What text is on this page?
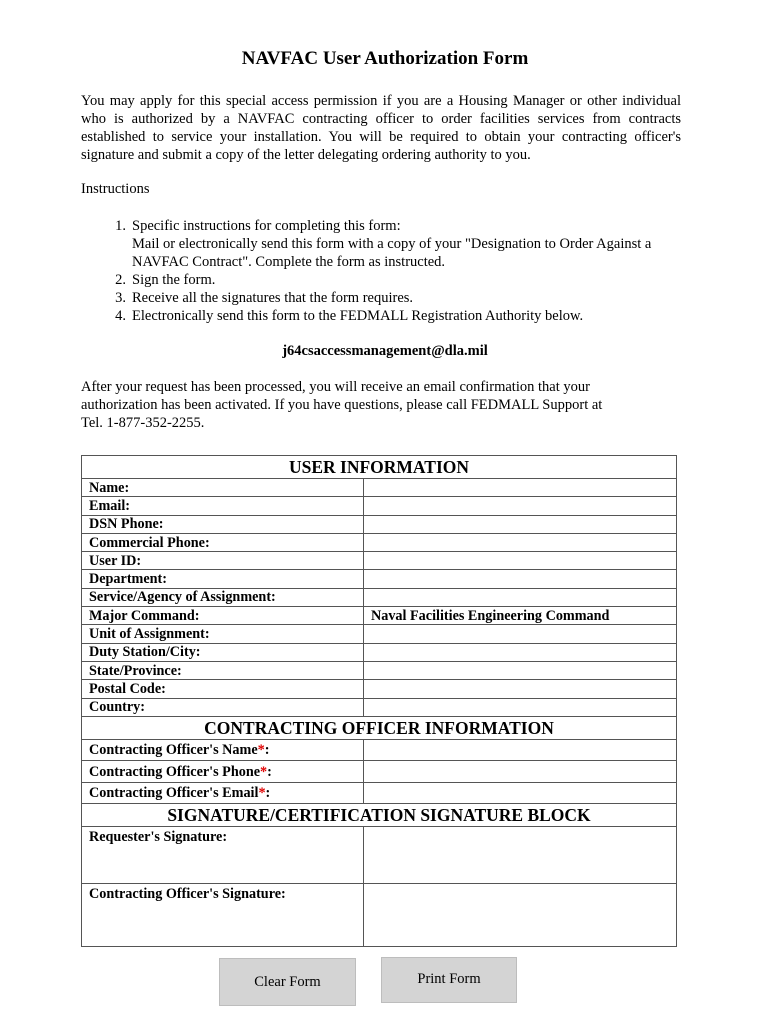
NAVFAC User Authorization Form
You may apply for this special access permission if you are a Housing Manager or other individual who is authorized by a NAVFAC contracting officer to order facilities services from contracts established to service your installation. You will be required to obtain your contracting officer's signature and submit a copy of the letter delegating ordering authority to you.
Instructions
1. Specific instructions for completing this form:
Mail or electronically send this form with a copy of your "Designation to Order Against a NAVFAC Contract". Complete the form as instructed.
2. Sign the form.
3. Receive all the signatures that the form requires.
4. Electronically send this form to the FEDMALL Registration Authority below.
j64csaccessmanagement@dla.mil
After your request has been processed, you will receive an email confirmation that your
authorization has been activated. If you have questions, please call FEDMALL Support at
Tel. 1-877-352-2255.
USER INFORMATION	
Name:	
Email:	
DSN Phone:	
Commercial Phone:	
User ID:	
Department:	
Service/Agency of Assignment:	
Major Command:	Naval Facilities Engineering Command
Unit of Assignment:	
Duty Station/City:	
State/Province:	
Postal Code:	
Country:	
CONTRACTING OFFICER INFORMATION	
Contracting Officer's Name*:	
Contracting Officer's Phone*:	
Contracting Officer's Email*:	
SIGNATURE/CERTIFICATION SIGNATURE BLOCK	
Requester's Signature:	
Contracting Officer's Signature:	
Clear Form	Print Form
